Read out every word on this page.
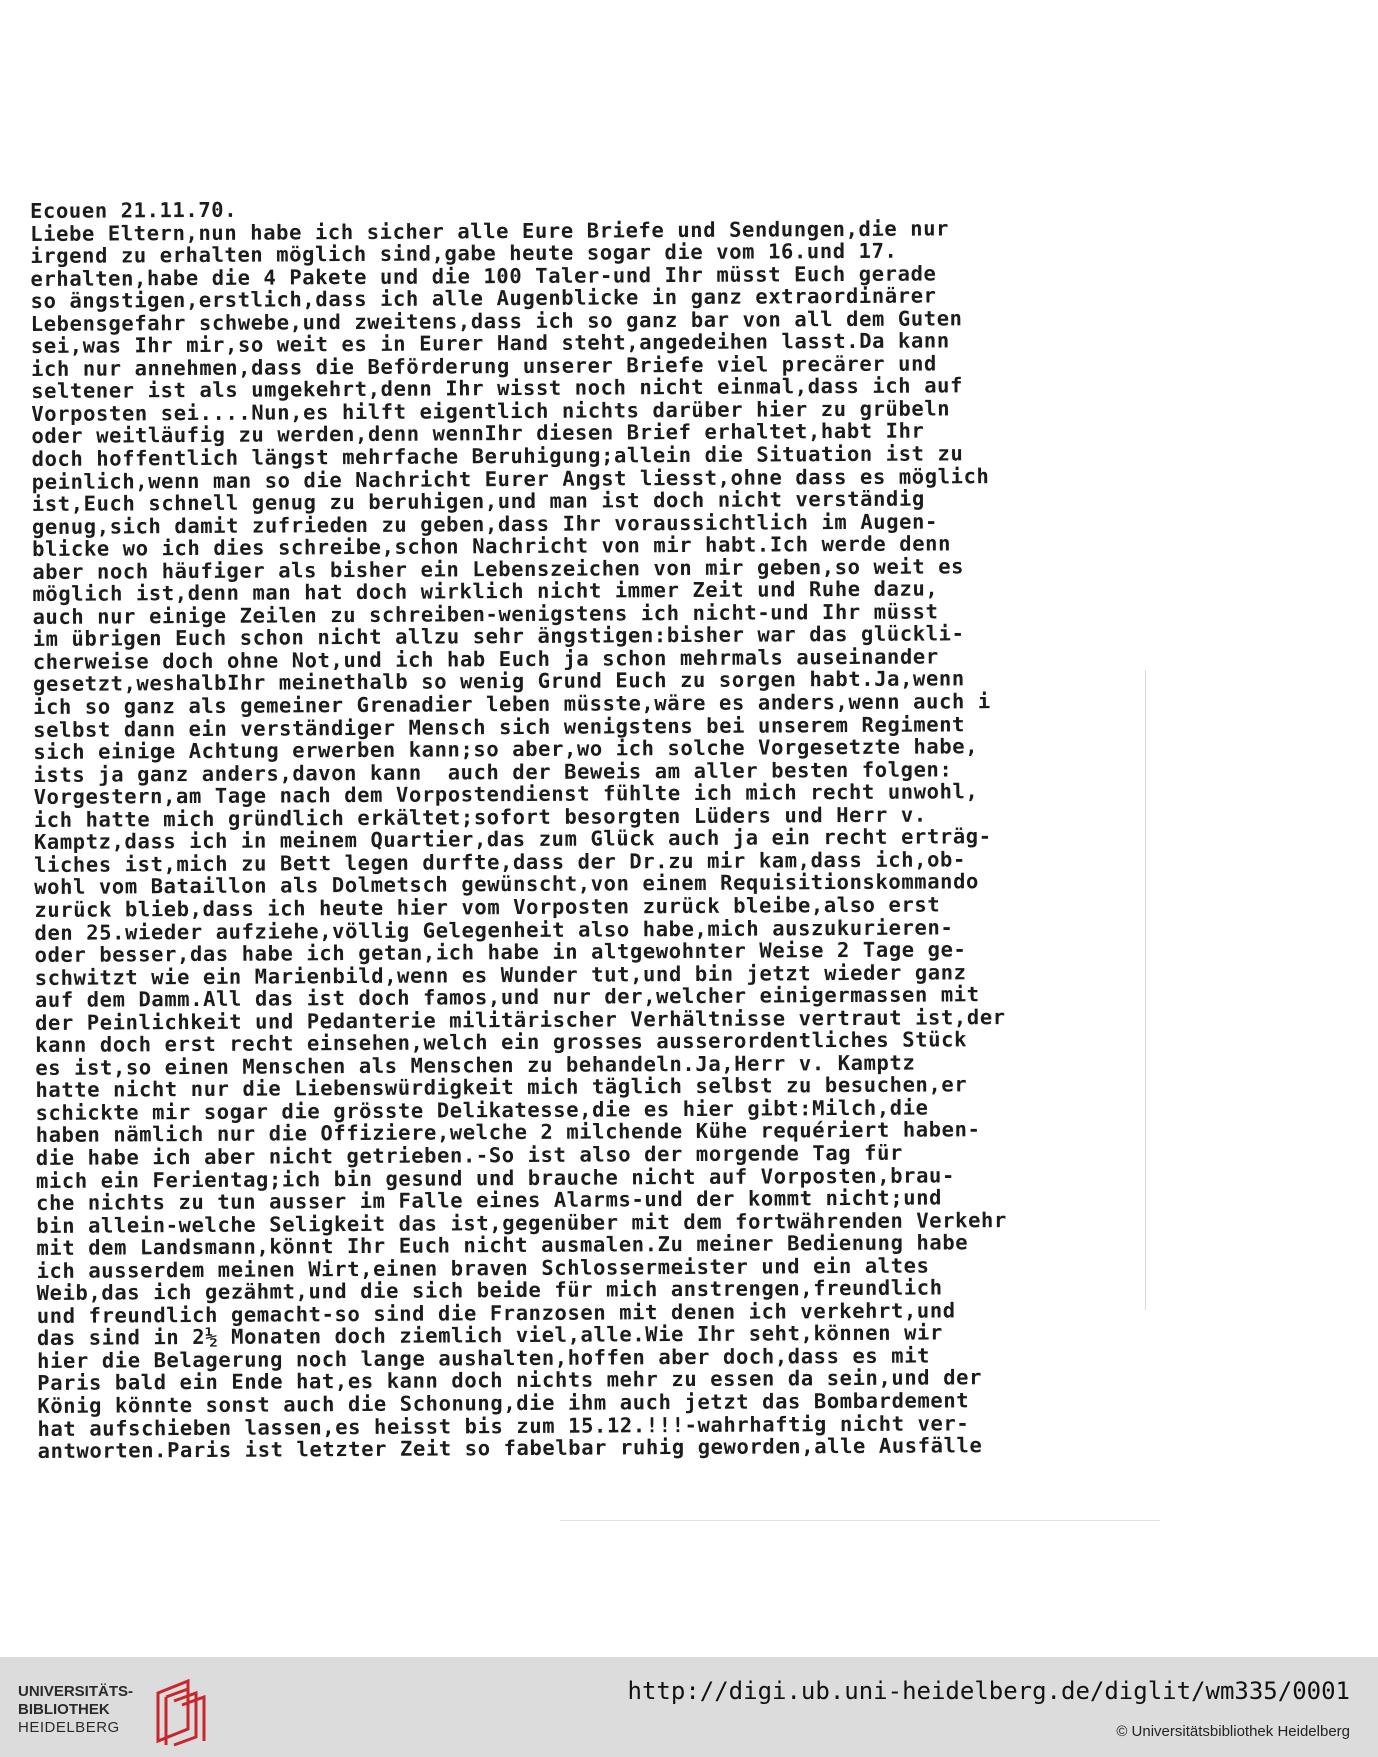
Ecouen 21.11.70.
Liebe Eltern,nun habe ich sicher alle Eure Briefe und Sendungen,die nur
irgend zu erhalten möglich sind,gabe heute sogar die vom 16.und 17.
erhalten,habe die 4 Pakete und die 100 Taler-und Ihr müsst Euch gerade
so ängstigen,erstlich,dass ich alle Augenblicke in ganz extraordinärer
Lebensgefahr schwebe,und zweitens,dass ich so ganz bar von all dem Guten
sei,was Ihr mir,so weit es in Eurer Hand steht,angedeihen lasst.Da kann
ich nur annehmen,dass die Beförderung unserer Briefe viel precärer und
seltener ist als umgekehrt,denn Ihr wisst noch nicht einmal,dass ich auf
Vorposten sei....Nun,es hilft eigentlich nichts darüber hier zu grübeln
oder weitläufig zu werden,denn wennIhr diesen Brief erhaltet,habt Ihr
doch hoffentlich längst mehrfache Beruhigung;allein die Situation ist zu
peinlich,wenn man so die Nachricht Eurer Angst liesst,ohne dass es möglich
ist,Euch schnell genug zu beruhigen,und man ist doch nicht verständig
genug,sich damit zufrieden zu geben,dass Ihr voraussichtlich im Augen-
blicke wo ich dies schreibe,schon Nachricht von mir habt.Ich werde denn
aber noch häufiger als bisher ein Lebenszeichen von mir geben,so weit es
möglich ist,denn man hat doch wirklich nicht immer Zeit und Ruhe dazu,
auch nur einige Zeilen zu schreiben-wenigstens ich nicht-und Ihr müsst
im übrigen Euch schon nicht allzu sehr ängstigen:bisher war das glückli-
cherweise doch ohne Not,und ich hab Euch ja schon mehrmals auseinander
gesetzt,weshalbIhr meinethalb so wenig Grund Euch zu sorgen habt.Ja,wenn
ich so ganz als gemeiner Grenadier leben müsste,wäre es anders,wenn auch i
selbst dann ein verständiger Mensch sich wenigstens bei unserem Regiment
sich einige Achtung erwerben kann;so aber,wo ich solche Vorgesetzte habe,
ists ja ganz anders,davon kann  auch der Beweis am aller besten folgen:
Vorgestern,am Tage nach dem Vorpostendienst fühlte ich mich recht unwohl,
ich hatte mich gründlich erkältet;sofort besorgten Lüders und Herr v.
Kamptz,dass ich in meinem Quartier,das zum Glück auch ja ein recht erträg-
liches ist,mich zu Bett legen durfte,dass der Dr.zu mir kam,dass ich,ob-
wohl vom Bataillon als Dolmetsch gewünscht,von einem Requisitionskommando
zurück blieb,dass ich heute hier vom Vorposten zurück bleibe,also erst
den 25.wieder aufziehe,völlig Gelegenheit also habe,mich auszukurieren-
oder besser,das habe ich getan,ich habe in altgewohnter Weise 2 Tage ge-
schwitzt wie ein Marienbild,wenn es Wunder tut,und bin jetzt wieder ganz
auf dem Damm.All das ist doch famos,und nur der,welcher einigermassen mit
der Peinlichkeit und Pedanterie militärischer Verhältnisse vertraut ist,der
kann doch erst recht einsehen,welch ein grosses ausserordentliches Stück
es ist,so einen Menschen als Menschen zu behandeln.Ja,Herr v. Kamptz
hatte nicht nur die Liebenswürdigkeit mich täglich selbst zu besuchen,er
schickte mir sogar die grösste Delikatesse,die es hier gibt:Milch,die
haben nämlich nur die Offiziere,welche 2 milchende Kühe requériert haben-
die habe ich aber nicht getrieben.-So ist also der morgende Tag für
mich ein Ferientag;ich bin gesund und brauche nicht auf Vorposten,brau-
che nichts zu tun ausser im Falle eines Alarms-und der kommt nicht;und
bin allein-welche Seligkeit das ist,gegenüber mit dem fortwährenden Verkehr
mit dem Landsmann,könnt Ihr Euch nicht ausmalen.Zu meiner Bedienung habe
ich ausserdem meinen Wirt,einen braven Schlossermeister und ein altes
Weib,das ich gezähmt,und die sich beide für mich anstrengen,freundlich
und freundlich gemacht-so sind die Franzosen mit denen ich verkehrt,und
das sind in 2½ Monaten doch ziemlich viel,alle.Wie Ihr seht,können wir
hier die Belagerung noch lange aushalten,hoffen aber doch,dass es mit
Paris bald ein Ende hat,es kann doch nichts mehr zu essen da sein,und der
König könnte sonst auch die Schonung,die ihm auch jetzt das Bombardement
hat aufschieben lassen,es heisst bis zum 15.12.!!!-wahrhaftig nicht ver-
antworten.Paris ist letzter Zeit so fabelbar ruhig geworden,alle Ausfälle
UNIVERSITÄTS-
BIBLIOTHEK
HEIDELBERG
http://digi.ub.uni-heidelberg.de/diglit/wm335/0001
© Universitätsbibliothek Heidelberg
